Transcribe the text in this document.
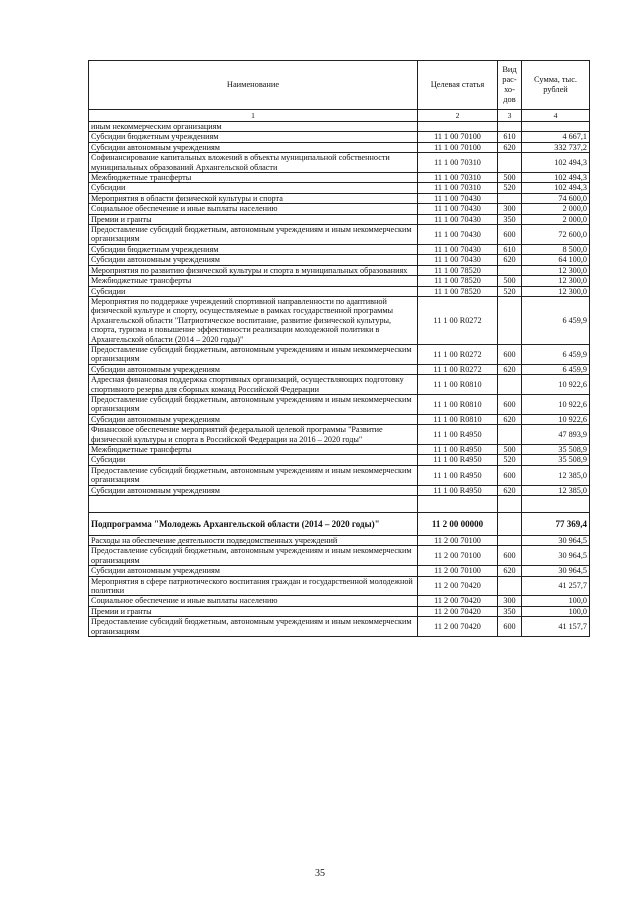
Наименование	Целевая статья	Вид рас- хо- дов	Сумма, тыс. рублей
1	2	3	4
иным некоммерческим организациям			
Субсидии бюджетным учреждениям	11 1 00 70100	610	4 667,1
Субсидии автономным учреждениям	11 1 00 70100	620	332 737,2
Софинансирование капитальных вложений в объекты муниципальной собственности муниципальных образований Архангельской области	11 1 00 70310		102 494,3
Межбюджетные трансферты	11 1 00 70310	500	102 494,3
Субсидии	11 1 00 70310	520	102 494,3
Мероприятия в области физической культуры и спорта	11 1 00 70430		74 600,0
Социальное обеспечение и иные выплаты населению	11 1 00 70430	300	2 000,0
Премии и гранты	11 1 00 70430	350	2 000,0
Предоставление субсидий бюджетным, автономным учреждениям и иным некоммерческим организациям	11 1 00 70430	600	72 600,0
Субсидии бюджетным учреждениям	11 1 00 70430	610	8 500,0
Субсидии автономным учреждениям	11 1 00 70430	620	64 100,0
Мероприятия по развитию физической культуры и спорта в муниципальных образованиях	11 1 00 78520		12 300,0
Межбюджетные трансферты	11 1 00 78520	500	12 300,0
Субсидии	11 1 00 78520	520	12 300,0
Мероприятия по поддержке учреждений спортивной направленности по адаптивной физической культуре и спорту, осуществляемые в рамках государственной программы Архангельской области "Патриотическое воспитание, развитие физической культуры, спорта, туризма и повышение эффективности реализации молодежной политики в Архангельской области (2014 – 2020 годы)"	11 1 00 R0272		6 459,9
Предоставление субсидий бюджетным, автономным учреждениям и иным некоммерческим организациям	11 1 00 R0272	600	6 459,9
Субсидии автономным учреждениям	11 1 00 R0272	620	6 459,9
Адресная финансовая поддержка спортивных организаций, осуществляющих подготовку спортивного резерва для сборных команд Российской Федерации	11 1 00 R0810		10 922,6
Предоставление субсидий бюджетным, автономным учреждениям и иным некоммерческим организациям	11 1 00 R0810	600	10 922,6
Субсидии автономным учреждениям	11 1 00 R0810	620	10 922,6
Финансовое обеспечение мероприятий федеральной целевой программы "Развитие физической культуры и спорта в Российской Федерации на 2016 – 2020 годы"	11 1 00 R4950		47 893,9
Межбюджетные трансферты	11 1 00 R4950	500	35 508,9
Субсидии	11 1 00 R4950	520	35 508,9
Предоставление субсидий бюджетным, автономным учреждениям и иным некоммерческим организациям	11 1 00 R4950	600	12 385,0
Субсидии автономным учреждениям	11 1 00 R4950	620	12 385,0

Подпрограмма "Молодежь Архангельской области (2014 – 2020 годы)"	11 2 00 00000		77 369,4
Расходы на обеспечение деятельности подведомственных учреждений	11 2 00 70100		30 964,5
Предоставление субсидий бюджетным, автономным учреждениям и иным некоммерческим организациям	11 2 00 70100	600	30 964,5
Субсидии автономным учреждениям	11 2 00 70100	620	30 964,5
Мероприятия в сфере патриотического воспитания граждан и государственной молодежной политики	11 2 00 70420		41 257,7
Социальное обеспечение и иные выплаты населению	11 2 00 70420	300	100,0
Премии и гранты	11 2 00 70420	350	100,0
Предоставление субсидий бюджетным, автономным учреждениям и иным некоммерческим организациям	11 2 00 70420	600	41 157,7
35
